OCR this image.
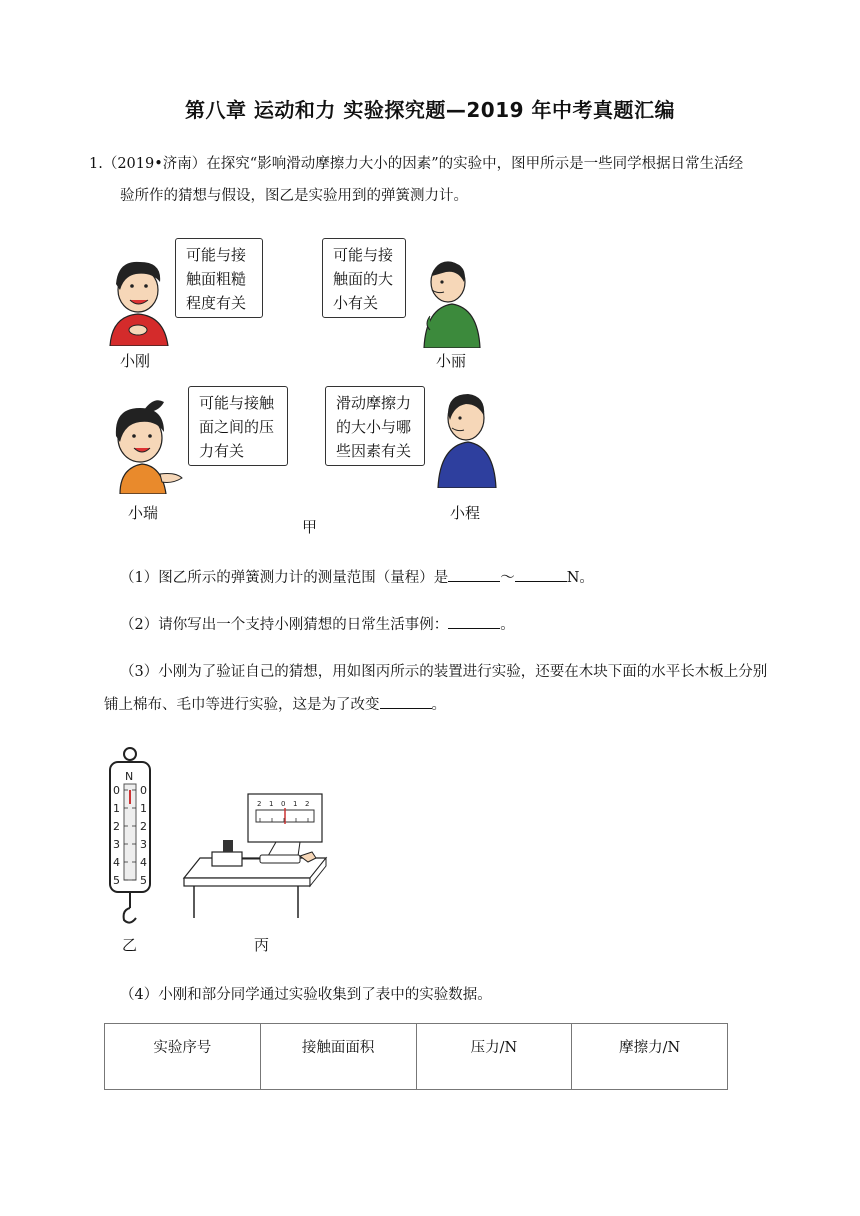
第八章 运动和力 实验探究题—2019 年中考真题汇编
1.（2019•济南）在探究“影响滑动摩擦力大小的因素”的实验中，图甲所示是一些同学根据日常生活经
验所作的猜想与假设，图乙是实验用到的弹簧测力计。
可能与接
触面粗糙
程度有关
小刚
可能与接
触面的大
小有关
小丽
可能与接触
面之间的压
力有关
小瑞
滑动摩擦力
的大小与哪
些因素有关
小程
甲
（1）图乙所示的弹簧测力计的测量范围（量程）是	～	N。
（2）请你写出一个支持小刚猜想的日常生活事例：	。
（3）小刚为了验证自己的猜想，用如图丙所示的装置进行实验，还要在木块下面的水平长木板上分别
铺上棉布、毛巾等进行实验，这是为了改变	。
N
0
1
2
3
4
5
0
1
2
3
4
5
乙
2 1 0 1 2
丙
（4）小刚和部分同学通过实验收集到了表中的实验数据。
实验序号	接触面面积	压力/N	摩擦力/N
